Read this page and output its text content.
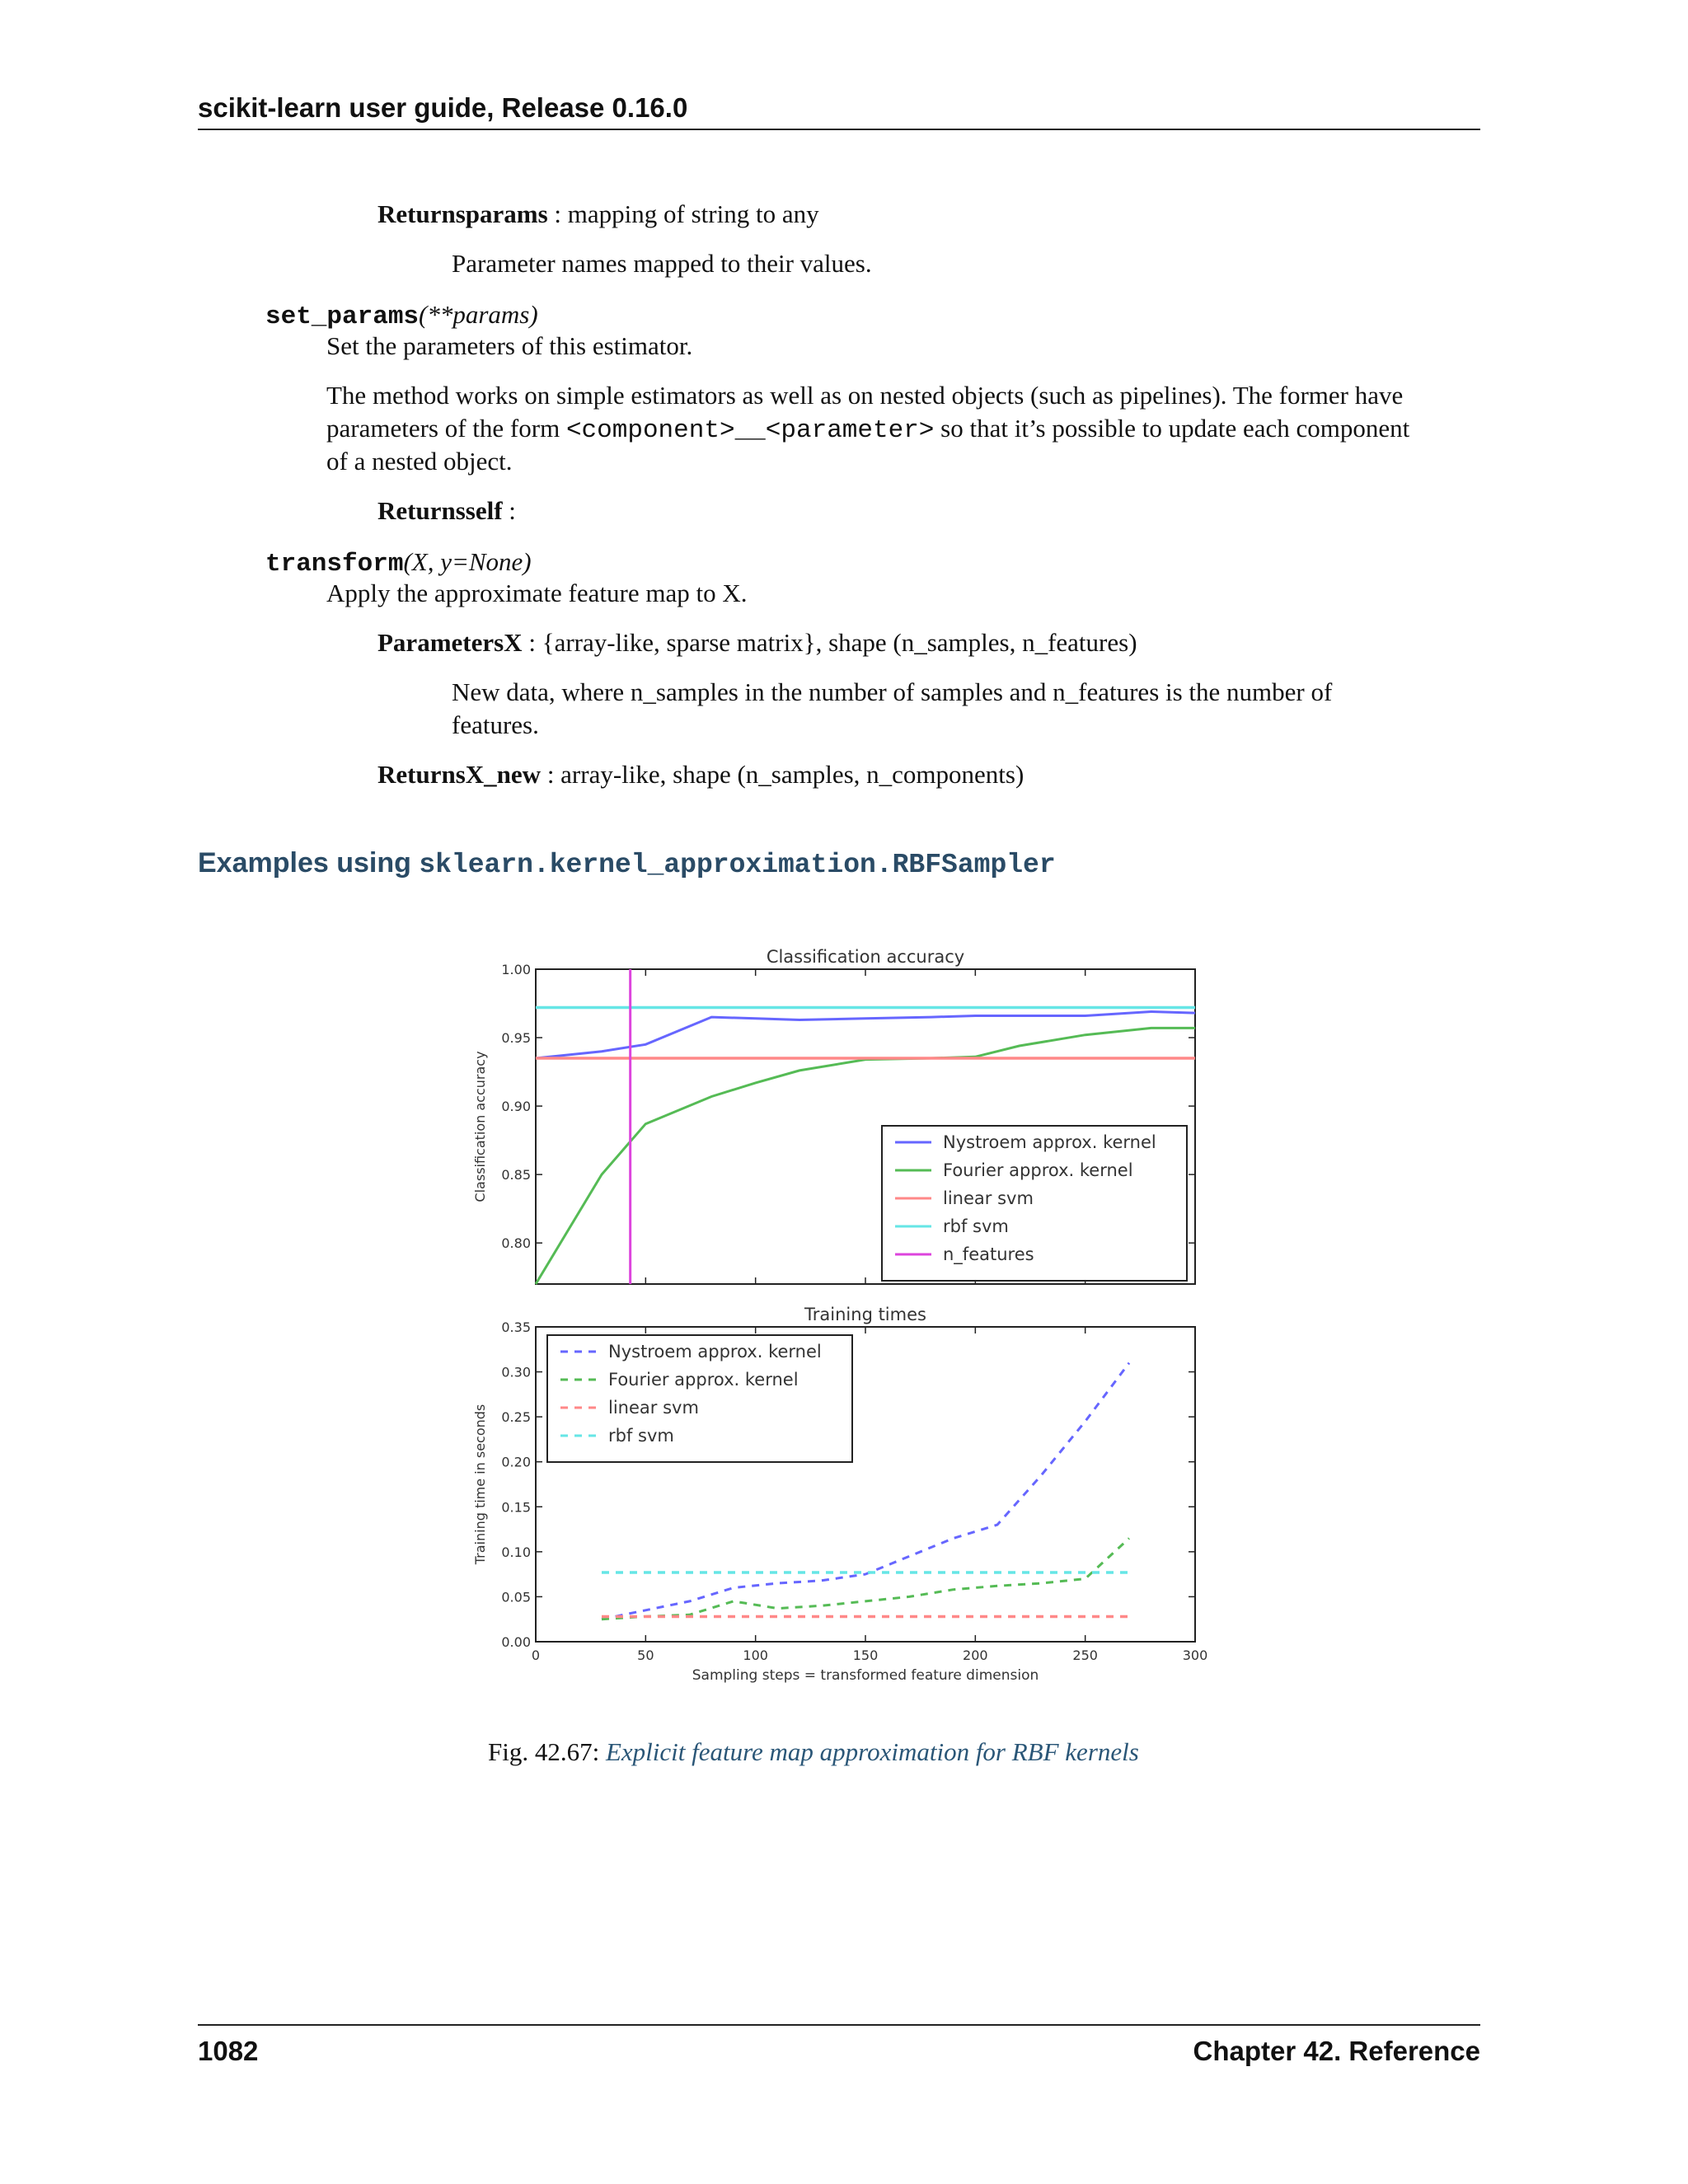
scikit-learn user guide, Release 0.16.0
Returnsparams : mapping of string to any
Parameter names mapped to their values.
set_params(**params)
Set the parameters of this estimator.
The method works on simple estimators as well as on nested objects (such as pipelines). The former have
parameters of the form <component>__<parameter> so that it’s possible to update each component
of a nested object.
Returnsself :
transform(X, y=None)
Apply the approximate feature map to X.
ParametersX : {array-like, sparse matrix}, shape (n_samples, n_features)
New data, where n_samples in the number of samples and n_features is the number of
features.
ReturnsX_new : array-like, shape (n_samples, n_components)
Examples using sklearn.kernel_approximation.RBFSampler
Classification accuracy
0.80
0.85
0.90
0.95
1.00
Classification accuracy	Nystroem approx. kernel
Fourier approx. kernel
linear svm
rbf svm
n_features
Training times
0.00
0.05
0.10
0.15
0.20
0.25
0.30
0.35
0	50	100	150	200	250	300
Training time in seconds
Sampling steps = transformed feature dimension
Nystroem approx. kernel
Fourier approx. kernel
linear svm
rbf svm
Fig. 42.67: Explicit feature map approximation for RBF kernels
1082	Chapter 42. Reference
